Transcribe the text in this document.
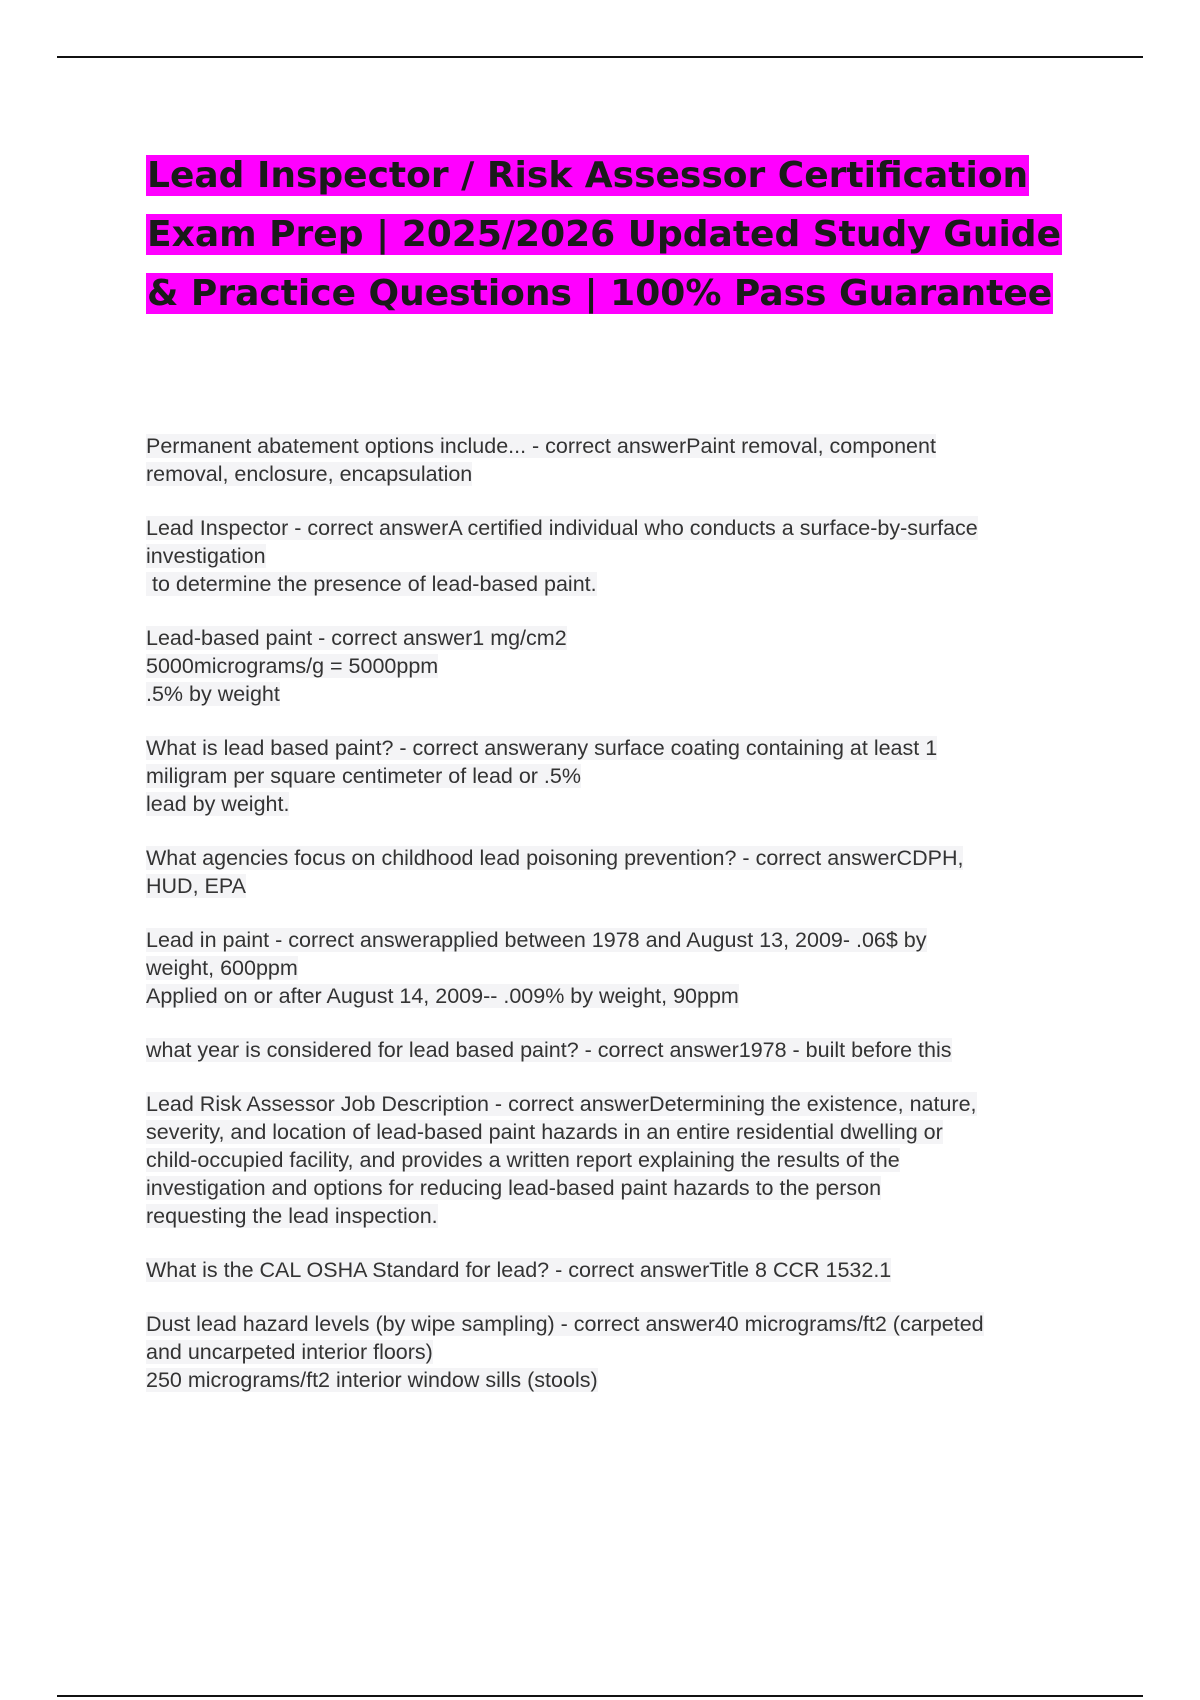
Lead Inspector / Risk Assessor Certification
Exam Prep | 2025/2026 Updated Study Guide
& Practice Questions | 100% Pass Guarantee

Permanent abatement options include... - correct answerPaint removal, component
removal, enclosure, encapsulation

Lead Inspector - correct answerA certified individual who conducts a surface-by-surface
investigation
to determine the presence of lead-based paint.

Lead-based paint - correct answer1 mg/cm2
5000micrograms/g = 5000ppm
.5% by weight

What is lead based paint? - correct answerany surface coating containing at least 1
miligram per square centimeter of lead or .5%
lead by weight.

What agencies focus on childhood lead poisoning prevention? - correct answerCDPH,
HUD, EPA

Lead in paint - correct answerapplied between 1978 and August 13, 2009- .06$ by
weight, 600ppm
Applied on or after August 14, 2009-- .009% by weight, 90ppm

what year is considered for lead based paint? - correct answer1978 - built before this

Lead Risk Assessor Job Description - correct answerDetermining the existence, nature,
severity, and location of lead-based paint hazards in an entire residential dwelling or
child-occupied facility, and provides a written report explaining the results of the
investigation and options for reducing lead-based paint hazards to the person
requesting the lead inspection.

What is the CAL OSHA Standard for lead? - correct answerTitle 8 CCR 1532.1

Dust lead hazard levels (by wipe sampling) - correct answer40 micrograms/ft2 (carpeted
and uncarpeted interior floors)
250 micrograms/ft2 interior window sills (stools)
